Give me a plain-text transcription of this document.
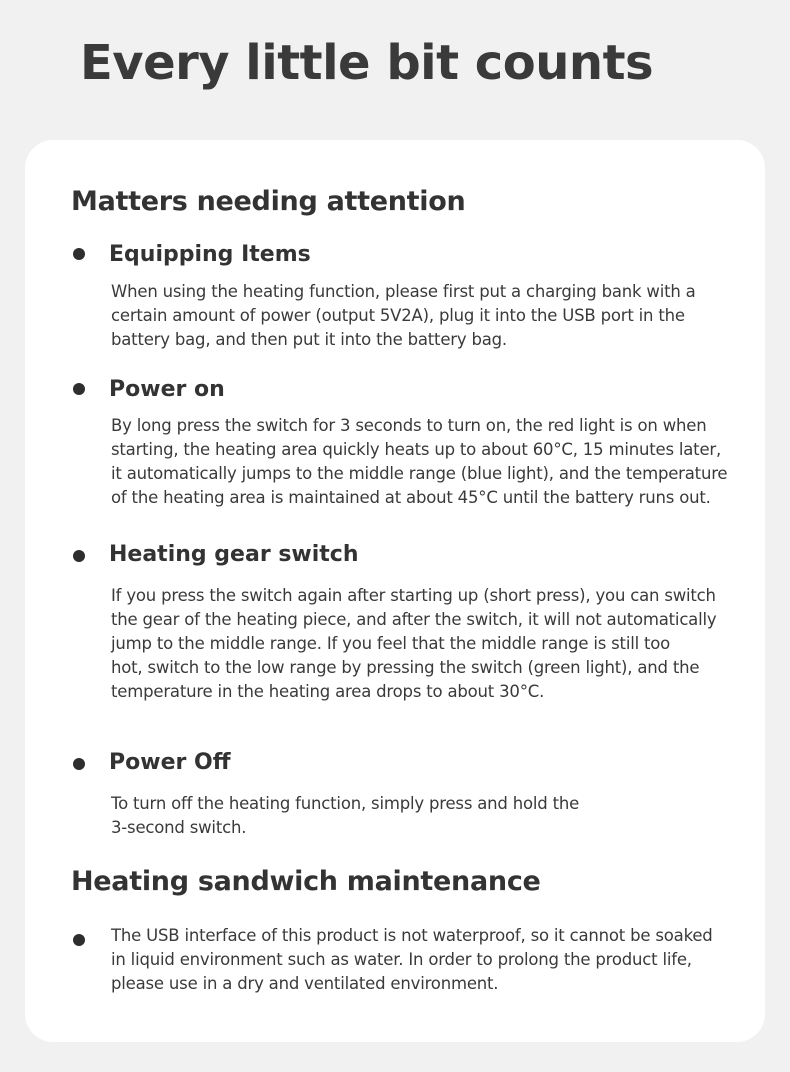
Every little bit counts
Matters needing attention
Equipping Items
When using the heating function, please first put a charging bank with a
certain amount of power (output 5V2A), plug it into the USB port in the
battery bag, and then put it into the battery bag.
Power on
By long press the switch for 3 seconds to turn on, the red light is on when
starting, the heating area quickly heats up to about 60°C, 15 minutes later,
it automatically jumps to the middle range (blue light), and the temperature
of the heating area is maintained at about 45°C until the battery runs out.
Heating gear switch
If you press the switch again after starting up (short press), you can switch
the gear of the heating piece, and after the switch, it will not automatically
jump to the middle range. If you feel that the middle range is still too
hot, switch to the low range by pressing the switch (green light), and the
temperature in the heating area drops to about 30°C.
Power Off
To turn off the heating function, simply press and hold the
3-second switch.
Heating sandwich maintenance
The USB interface of this product is not waterproof, so it cannot be soaked
in liquid environment such as water. In order to prolong the product life,
please use in a dry and ventilated environment.
